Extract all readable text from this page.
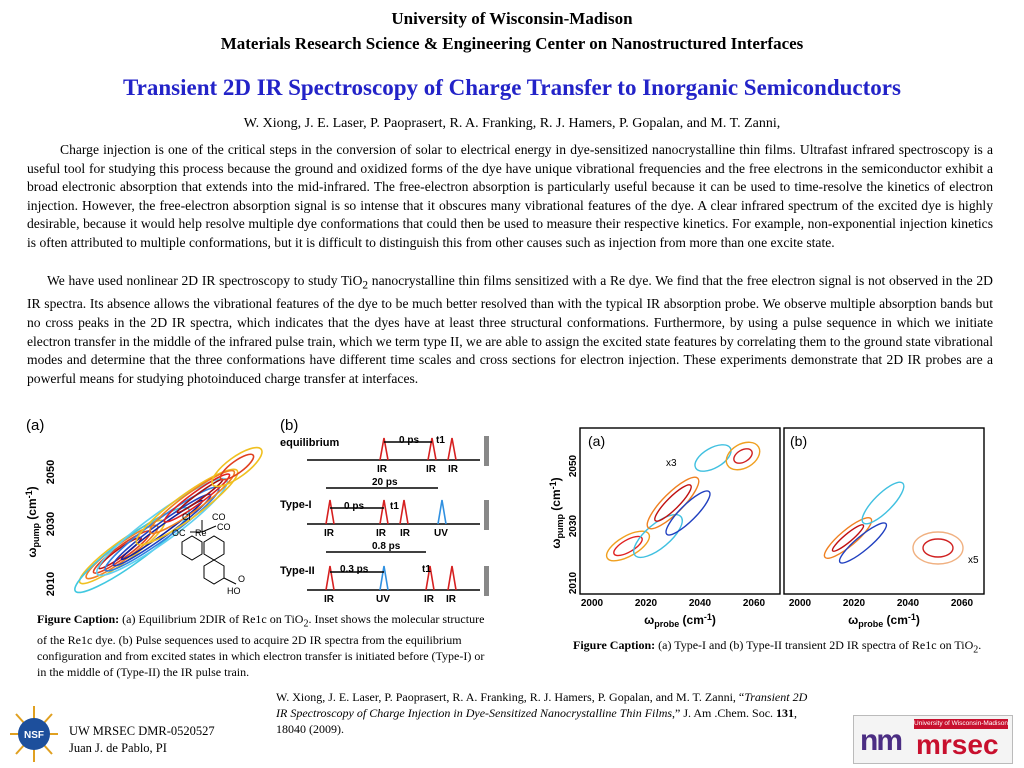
University of Wisconsin-Madison
Materials Research Science & Engineering Center on Nanostructured Interfaces
Transient 2D IR Spectroscopy of Charge Transfer to Inorganic Semiconductors
W. Xiong, J. E. Laser, P. Paoprasert, R. A. Franking, R. J. Hamers, P. Gopalan, and M. T. Zanni,
Charge injection is one of the critical steps in the conversion of solar to electrical energy in dye-sensitized nanocrystalline thin films. Ultrafast infrared spectroscopy is a useful tool for studying this process because the ground and oxidized forms of the dye have unique vibrational frequencies and the free electrons in the semiconductor exhibit a broad electronic absorption that extends into the mid-infrared. The free-electron absorption is particularly useful because it can be used to time-resolve the kinetics of electron injection. However, the free-electron absorption signal is so intense that it obscures many vibrational features of the dye. A clear infrared spectrum of the excited dye is highly desirable, because it would help resolve multiple dye conformations that could then be used to measure their respective kinetics. For example, non-exponential injection kinetics is often attributed to multiple conformations, but it is difficult to distinguish this from other causes such as injection from more than one excite state.
We have used nonlinear 2D IR spectroscopy to study TiO$_2$ nanocrystalline thin films sensitized with a Re dye. We find that the free electron signal is not observed in the 2D IR spectra. Its absence allows the vibrational features of the dye to be much better resolved than with the typical IR absorption probe. We observe multiple absorption bands but no cross peaks in the 2D IR spectra, which indicates that the dyes have at least three structural conformations. Furthermore, by using a pulse sequence in which we initiate electron transfer in the middle of the infrared pulse train, which we term type II, we are able to assign the excited state features by correlating them to the ground state vibrational modes and determine that the three conformations have different time scales and cross sections for electron injection. These experiments demonstrate that 2D IR probes are a powerful means for studying photoinduced charge transfer at interfaces.
(a)
$\omega_{pump}$ $(cm^{-1})$
2050
2030
2010
Cl CO
OC Re
CO
HO
O
(b)
equilibrium
Type-I
Type-II
0 ps t1
IR	IR IR
20 ps
0 ps	t1
IR	IR IR UV
0.8 ps
0.3 ps	t1
IR	UV	IR IR
Figure Caption: (a) Equilibrium 2DIR of Re1c on TiO$_2$. Inset shows the molecular structure of the Re1c dye. (b) Pulse sequences used to acquire 2D IR spectra from the equilibrium configuration and from excited states in which electron transfer is initiated before (Type-I) or in the middle of (Type-II) the IR pulse train.
$\omega_{pump}$ $(cm^{-1})$
2050
2030
2010
(a)	(b)
x3
x5
2000	2020	2040	2060 2000	2020	2040	2060
$\omega_{probe}$ $(cm^{-1})$	$\omega_{probe}$ $(cm^{-1})$
Figure Caption: (a) Type-I and (b) Type-II transient 2D IR spectra of Re1c on TiO$_2$.
W. Xiong, J. E. Laser, P. Paoprasert, R. A. Franking, R. J. Hamers, P. Gopalan, and M. T. Zanni, “Transient 2D IR Spectroscopy of Charge Injection in Dye-Sensitized Nanocrystalline Thin Films,” J. Am .Chem. Soc. 131, 18040 (2009).
NSF UW MRSEC DMR-0520527
Juan J. de Pablo, PI
University of Wisconsin-Madison
nm mrsec
